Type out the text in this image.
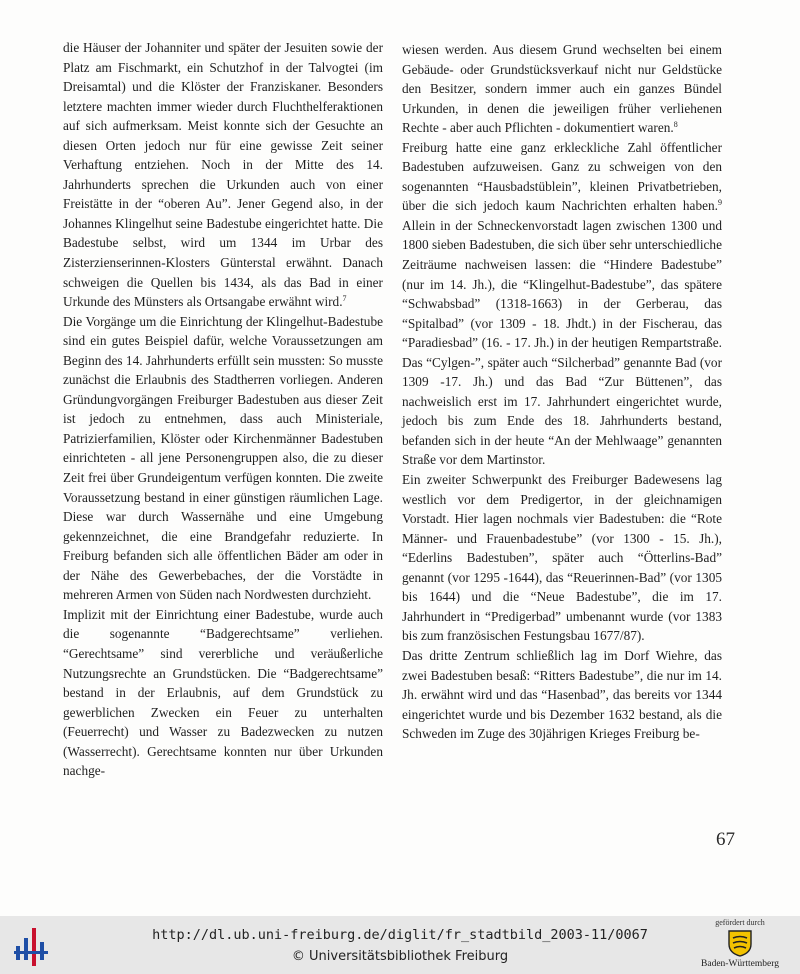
die Häuser der Johanniter und später der Jesuiten sowie der Platz am Fischmarkt, ein Schutzhof in der Talvogtei (im Dreisamtal) und die Klöster der Franziskaner. Besonders letztere machten immer wieder durch Fluchthelferaktionen auf sich aufmerksam. Meist konnte sich der Gesuchte an diesen Orten jedoch nur für eine gewisse Zeit seiner Verhaftung entziehen. Noch in der Mitte des 14. Jahrhunderts sprechen die Urkunden auch von einer Freistätte in der “oberen Au”. Jener Gegend also, in der Johannes Klingelhut seine Badestube eingerichtet hatte. Die Badestube selbst, wird um 1344 im Urbar des Zisterzienserinnen-Klosters Günterstal erwähnt. Danach schweigen die Quellen bis 1434, als das Bad in einer Urkunde des Münsters als Ortsangabe erwähnt wird.$^7$

Die Vorgänge um die Einrichtung der Klingelhut-Badestube sind ein gutes Beispiel dafür, welche Voraussetzungen am Beginn des 14. Jahrhunderts erfüllt sein mussten: So musste zunächst die Erlaubnis des Stadtherren vorliegen. Anderen Gründungvorgängen Freiburger Badestuben aus dieser Zeit ist jedoch zu entnehmen, dass auch Ministeriale, Patrizierfamilien, Klöster oder Kirchenmänner Badestuben einrichteten - all jene Personengruppen also, die zu dieser Zeit frei über Grundeigentum verfügen konnten. Die zweite Voraussetzung bestand in einer günstigen räumlichen Lage. Diese war durch Wassernähe und eine Umgebung gekennzeichnet, die eine Brandgefahr reduzierte. In Freiburg befanden sich alle öffentlichen Bäder am oder in der Nähe des Gewerbebaches, der die Vorstädte in mehreren Armen von Süden nach Nordwesten durchzieht.

Implizit mit der Einrichtung einer Badestube, wurde auch die sogenannte “Badgerechtsame” verliehen. “Gerechtsame” sind vererbliche und veräußerliche Nutzungsrechte an Grundstücken. Die “Badgerechtsame” bestand in der Erlaubnis, auf dem Grundstück zu gewerblichen Zwecken ein Feuer zu unterhalten (Feuerrecht) und Wasser zu Badezwecken zu nutzen (Wasserrecht). Gerechtsame konnten nur über Urkunden nachge-

wiesen werden. Aus diesem Grund wechselten bei einem Gebäude- oder Grundstücksverkauf nicht nur Geldstücke den Besitzer, sondern immer auch ein ganzes Bündel Urkunden, in denen die jeweiligen früher verliehenen Rechte - aber auch Pflichten - dokumentiert waren.$^8$

Freiburg hatte eine ganz erkleckliche Zahl öffentlicher Badestuben aufzuweisen. Ganz zu schweigen von den sogenannten “Hausbadstüblein”, kleinen Privatbetrieben, über die sich jedoch kaum Nachrichten erhalten haben.$^9$ Allein in der Schneckenvorstadt lagen zwischen 1300 und 1800 sieben Badestuben, die sich über sehr unterschiedliche Zeiträume nachweisen lassen: die “Hindere Badestube” (nur im 14. Jh.), die “Klingelhut-Badestube”, das spätere “Schwabsbad” (1318-1663) in der Gerberau, das “Spitalbad” (vor 1309 - 18. Jhdt.) in der Fischerau, das “Paradiesbad” (16. - 17. Jh.) in der heutigen Rempartstraße. Das “Cylgen-”, später auch “Silcherbad” genannte Bad (vor 1309 -17. Jh.) und das Bad “Zur Büttenen”, das nachweislich erst im 17. Jahrhundert eingerichtet wurde, jedoch bis zum Ende des 18. Jahrhunderts bestand, befanden sich in der heute “An der Mehlwaage” genannten Straße vor dem Martinstor.

Ein zweiter Schwerpunkt des Freiburger Badewesens lag westlich vor dem Predigertor, in der gleichnamigen Vorstadt. Hier lagen nochmals vier Badestuben: die “Rote Männer- und Frauenbadestube” (vor 1300 - 15. Jh.), “Ederlins Badestuben”, später auch “Ötterlins-Bad” genannt (vor 1295 -1644), das “Reuerinnen-Bad” (vor 1305 bis 1644) und die “Neue Badestube”, die im 17. Jahrhundert in “Predigerbad” umbenannt wurde (vor 1383 bis zum französischen Festungsbau 1677/87).

Das dritte Zentrum schließlich lag im Dorf Wiehre, das zwei Badestuben besaß: “Ritters Badestube”, die nur im 14. Jh. erwähnt wird und das “Hasenbad”, das bereits vor 1344 eingerichtet wurde und bis Dezember 1632 bestand, als die Schweden im Zuge des 30jährigen Krieges Freiburg be-

67
http://dl.ub.uni-freiburg.de/diglit/fr_stadtbild_2003-11/0067
© Universitätsbibliothek Freiburg
gefördert durch
Baden-Württemberg
